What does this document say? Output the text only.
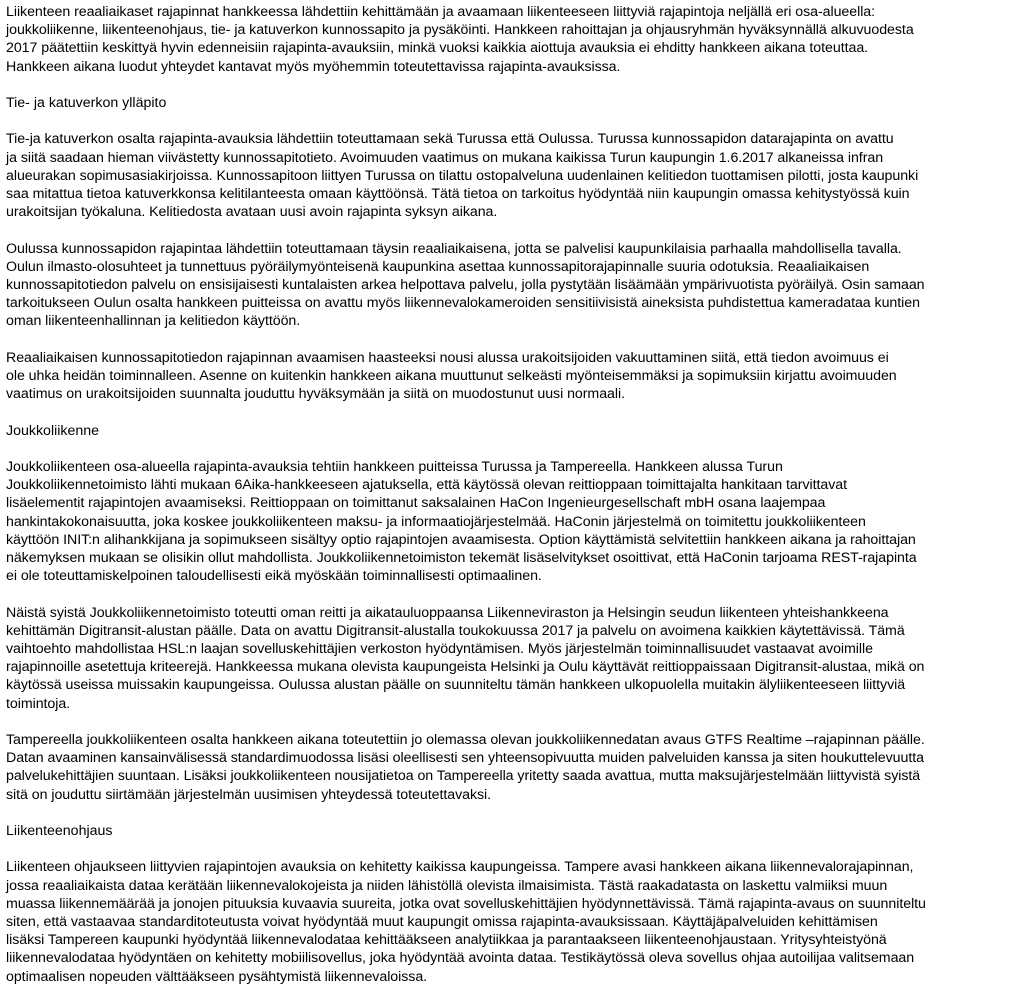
Liikenteen reaaliaikaset rajapinnat hankkeessa lähdettiin kehittämään ja avaamaan liikenteeseen liittyviä rajapintoja neljällä eri osa-alueella:
joukkoliikenne, liikenteenohjaus, tie- ja katuverkon kunnossapito ja pysäköinti. Hankkeen rahoittajan ja ohjausryhmän hyväksynnällä alkuvuodesta
2017 päätettiin keskittyä hyvin edenneisiin rajapinta-avauksiin, minkä vuoksi kaikkia aiottuja avauksia ei ehditty hankkeen aikana toteuttaa.
Hankkeen aikana luodut yhteydet kantavat myös myöhemmin toteutettavissa rajapinta-avauksissa.

Tie- ja katuverkon ylläpito

Tie-ja katuverkon osalta rajapinta-avauksia lähdettiin toteuttamaan sekä Turussa että Oulussa. Turussa kunnossapidon datarajapinta on avattu
ja siitä saadaan hieman viivästetty kunnossapitotieto. Avoimuuden vaatimus on mukana kaikissa Turun kaupungin 1.6.2017 alkaneissa infran
alueurakan sopimusasiakirjoissa. Kunnossapitoon liittyen Turussa on tilattu ostopalveluna uudenlainen kelitiedon tuottamisen pilotti, josta kaupunki
saa mitattua tietoa katuverkkonsa kelitilanteesta omaan käyttöönsä. Tätä tietoa on tarkoitus hyödyntää niin kaupungin omassa kehitystyössä kuin
urakoitsijan työkaluna. Kelitiedosta avataan uusi avoin rajapinta syksyn aikana.

Oulussa kunnossapidon rajapintaa lähdettiin toteuttamaan täysin reaaliaikaisena, jotta se palvelisi kaupunkilaisia parhaalla mahdollisella tavalla.
Oulun ilmasto-olosuhteet ja tunnettuus pyöräilymyönteisenä kaupunkina asettaa kunnossapitorajapinnalle suuria odotuksia. Reaaliaikaisen
kunnossapitotiedon palvelu on ensisijaisesti kuntalaisten arkea helpottava palvelu, jolla pystytään lisäämään ympärivuotista pyöräilyä. Osin samaan
tarkoitukseen Oulun osalta hankkeen puitteissa on avattu myös liikennevalokameroiden sensitiivisistä aineksista puhdistettua kameradataa kuntien
oman liikenteenhallinnan ja kelitiedon käyttöön.

Reaaliaikaisen kunnossapitotiedon rajapinnan avaamisen haasteeksi nousi alussa urakoitsijoiden vakuuttaminen siitä, että tiedon avoimuus ei
ole uhka heidän toiminnalleen. Asenne on kuitenkin hankkeen aikana muuttunut selkeästi myönteisemmäksi ja sopimuksiin kirjattu avoimuuden
vaatimus on urakoitsijoiden suunnalta jouduttu hyväksymään ja siitä on muodostunut uusi normaali.

Joukkoliikenne

Joukkoliikenteen osa-alueella rajapinta-avauksia tehtiin hankkeen puitteissa Turussa ja Tampereella. Hankkeen alussa Turun
Joukkoliikennetoimisto lähti mukaan 6Aika-hankkeeseen ajatuksella, että käytössä olevan reittioppaan toimittajalta hankitaan tarvittavat
lisäelementit rajapintojen avaamiseksi. Reittioppaan on toimittanut saksalainen HaCon Ingenieurgesellschaft mbH osana laajempaa
hankintakokonaisuutta, joka koskee joukkoliikenteen maksu- ja informaatiojärjestelmää. HaConin järjestelmä on toimitettu joukkoliikenteen
käyttöön INIT:n alihankkijana ja sopimukseen sisältyy optio rajapintojen avaamisesta. Option käyttämistä selvitettiin hankkeen aikana ja rahoittajan
näkemyksen mukaan se olisikin ollut mahdollista. Joukkoliikennetoimiston tekemät lisäselvitykset osoittivat, että HaConin tarjoama REST-rajapinta
ei ole toteuttamiskelpoinen taloudellisesti eikä myöskään toiminnallisesti optimaalinen.

Näistä syistä Joukkoliikennetoimisto toteutti oman reitti ja aikatauluoppaansa Liikenneviraston ja Helsingin seudun liikenteen yhteishankkeena
kehittämän Digitransit-alustan päälle. Data on avattu Digitransit-alustalla toukokuussa 2017 ja palvelu on avoimena kaikkien käytettävissä. Tämä
vaihtoehto mahdollistaa HSL:n laajan sovelluskehittäjien verkoston hyödyntämisen. Myös järjestelmän toiminnallisuudet vastaavat avoimille
rajapinnoille asetettuja kriteerejä. Hankkeessa mukana olevista kaupungeista Helsinki ja Oulu käyttävät reittioppaissaan Digitransit-alustaa, mikä on
käytössä useissa muissakin kaupungeissa. Oulussa alustan päälle on suunniteltu tämän hankkeen ulkopuolella muitakin älyliikenteeseen liittyviä
toimintoja.

Tampereella joukkoliikenteen osalta hankkeen aikana toteutettiin jo olemassa olevan joukkoliikennedatan avaus GTFS Realtime –rajapinnan päälle.
Datan avaaminen kansainvälisessä standardimuodossa lisäsi oleellisesti sen yhteensopivuutta muiden palveluiden kanssa ja siten houkuttelevuutta
palvelukehittäjien suuntaan. Lisäksi joukkoliikenteen nousijatietoa on Tampereella yritetty saada avattua, mutta maksujärjestelmään liittyvistä syistä
sitä on jouduttu siirtämään järjestelmän uusimisen yhteydessä toteutettavaksi.

Liikenteenohjaus

Liikenteen ohjaukseen liittyvien rajapintojen avauksia on kehitetty kaikissa kaupungeissa. Tampere avasi hankkeen aikana liikennevalorajapinnan,
jossa reaaliaikaista dataa kerätään liikennevalokojeista ja niiden lähistöllä olevista ilmaisimista. Tästä raakadatasta on laskettu valmiiksi muun
muassa liikennemäärää ja jonojen pituuksia kuvaavia suureita, jotka ovat sovelluskehittäjien hyödynnettävissä. Tämä rajapinta-avaus on suunniteltu
siten, että vastaavaa standarditoteutusta voivat hyödyntää muut kaupungit omissa rajapinta-avauksissaan. Käyttäjäpalveluiden kehittämisen
lisäksi Tampereen kaupunki hyödyntää liikennevalodataa kehittääkseen analytiikkaa ja parantaakseen liikenteenohjaustaan. Yritysyhteistyönä
liikennevalodataa hyödyntäen on kehitetty mobiilisovellus, joka hyödyntää avointa dataa. Testikäytössä oleva sovellus ohjaa autoilijaa valitsemaan
optimaalisen nopeuden välttääkseen pysähtymistä liikennevaloissa.
